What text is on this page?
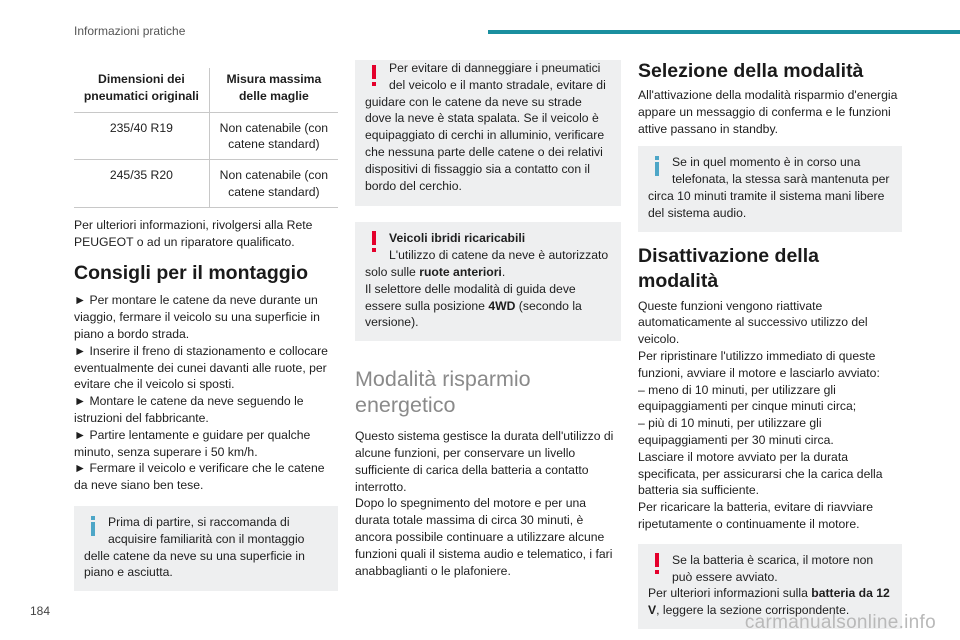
Informazioni pratiche
Dimensioni dei pneumatici originali	Misura massima delle maglie
235/40 R19	Non catenabile (con catene standard)
245/35 R20	Non catenabile (con catene standard)

Per ulteriori informazioni, rivolgersi alla Rete PEUGEOT o ad un riparatore qualificato.

Consigli per il montaggio

► Per montare le catene da neve durante un viaggio, fermare il veicolo su una superficie in piano a bordo strada.

► Inserire il freno di stazionamento e collocare eventualmente dei cunei davanti alle ruote, per evitare che il veicolo si sposti.

► Montare le catene da neve seguendo le istruzioni del fabbricante.

► Partire lentamente e guidare per qualche minuto, senza superare i 50 km/h.

► Fermare il veicolo e verificare che le catene da neve siano ben tese.

Prima di partire, si raccomanda di acquisire familiarità con il montaggio delle catene da neve su una superficie in piano e asciutta.
Per evitare di danneggiare i pneumatici del veicolo e il manto stradale, evitare di guidare con le catene da neve su strade dove la neve è stata spalata. Se il veicolo è equipaggiato di cerchi in alluminio, verificare che nessuna parte delle catene o dei relativi dispositivi di fissaggio sia a contatto con il bordo del cerchio.
Veicoli ibridi ricaricabili
L'utilizzo di catene da neve è autorizzato solo sulle ruote anteriori.
Il selettore delle modalità di guida deve essere sulla posizione 4WD (secondo la versione).
Modalità risparmio energetico

Questo sistema gestisce la durata dell'utilizzo di alcune funzioni, per conservare un livello sufficiente di carica della batteria a contatto interrotto.

Dopo lo spegnimento del motore e per una durata totale massima di circa 30 minuti, è ancora possibile continuare a utilizzare alcune funzioni quali il sistema audio e telematico, i fari anabbaglianti o le plafoniere.

Selezione della modalità

All'attivazione della modalità risparmio d'energia appare un messaggio di conferma e le funzioni attive passano in standby.

Se in quel momento è in corso una telefonata, la stessa sarà mantenuta per circa 10 minuti tramite il sistema mani libere del sistema audio.
Disattivazione della modalità

Queste funzioni vengono riattivate automaticamente al successivo utilizzo del veicolo.

Per ripristinare l'utilizzo immediato di queste funzioni, avviare il motore e lasciarlo avviato:

– meno di 10 minuti, per utilizzare gli equipaggiamenti per cinque minuti circa;

– più di 10 minuti, per utilizzare gli equipaggiamenti per 30 minuti circa.

Lasciare il motore avviato per la durata specificata, per assicurarsi che la carica della batteria sia sufficiente.

Per ricaricare la batteria, evitare di riavviare ripetutamente o continuamente il motore.

Se la batteria è scarica, il motore non può essere avviato.
Per ulteriori informazioni sulla batteria da 12 V, leggere la sezione corrispondente.
184
carmanualsonline.info
